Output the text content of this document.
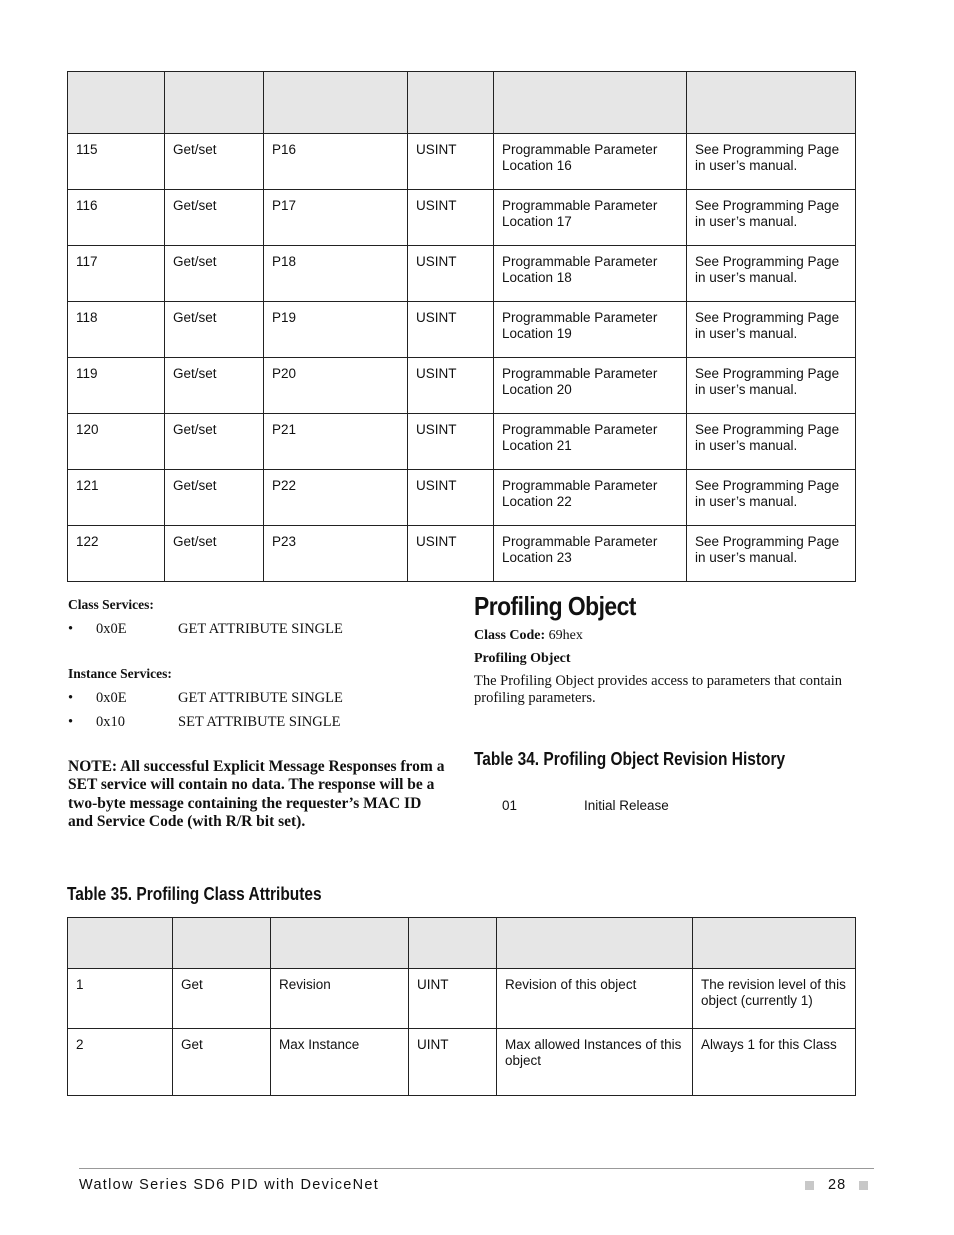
115	Get/set	P16	USINT	Programmable Parameter Location 16	See Programming Page in user’s manual.
116	Get/set	P17	USINT	Programmable Parameter Location 17	See Programming Page in user’s manual.
117	Get/set	P18	USINT	Programmable Parameter Location 18	See Programming Page in user’s manual.
118	Get/set	P19	USINT	Programmable Parameter Location 19	See Programming Page in user’s manual.
119	Get/set	P20	USINT	Programmable Parameter Location 20	See Programming Page in user’s manual.
120	Get/set	P21	USINT	Programmable Parameter Location 21	See Programming Page in user’s manual.
121	Get/set	P22	USINT	Programmable Parameter Location 22	See Programming Page in user’s manual.
122	Get/set	P23	USINT	Programmable Parameter Location 23	See Programming Page in user’s manual.
Class Services:
• 0x0E	GET ATTRIBUTE SINGLE
Instance Services:
• 0x0E	GET ATTRIBUTE SINGLE
• 0x10	SET ATTRIBUTE SINGLE
NOTE: All successful Explicit Message Responses from a SET service will contain no data. The response will be a two-byte message containing the requester’s MAC ID and Service Code (with R/R bit set).
Profiling Object
Class Code: 69hex
Profiling Object
The Profiling Object provides access to parameters that contain profiling parameters.
Table 34. Profiling Object Revision History
01	Initial Release
Table 35. Profiling Class Attributes

1	Get	Revision	UINT	Revision of this object	The revision level of this object (currently 1)
2	Get	Max Instance	UINT	Max allowed Instances of this object	Always 1 for this Class
Watlow Series SD6 PID with DeviceNet	28
